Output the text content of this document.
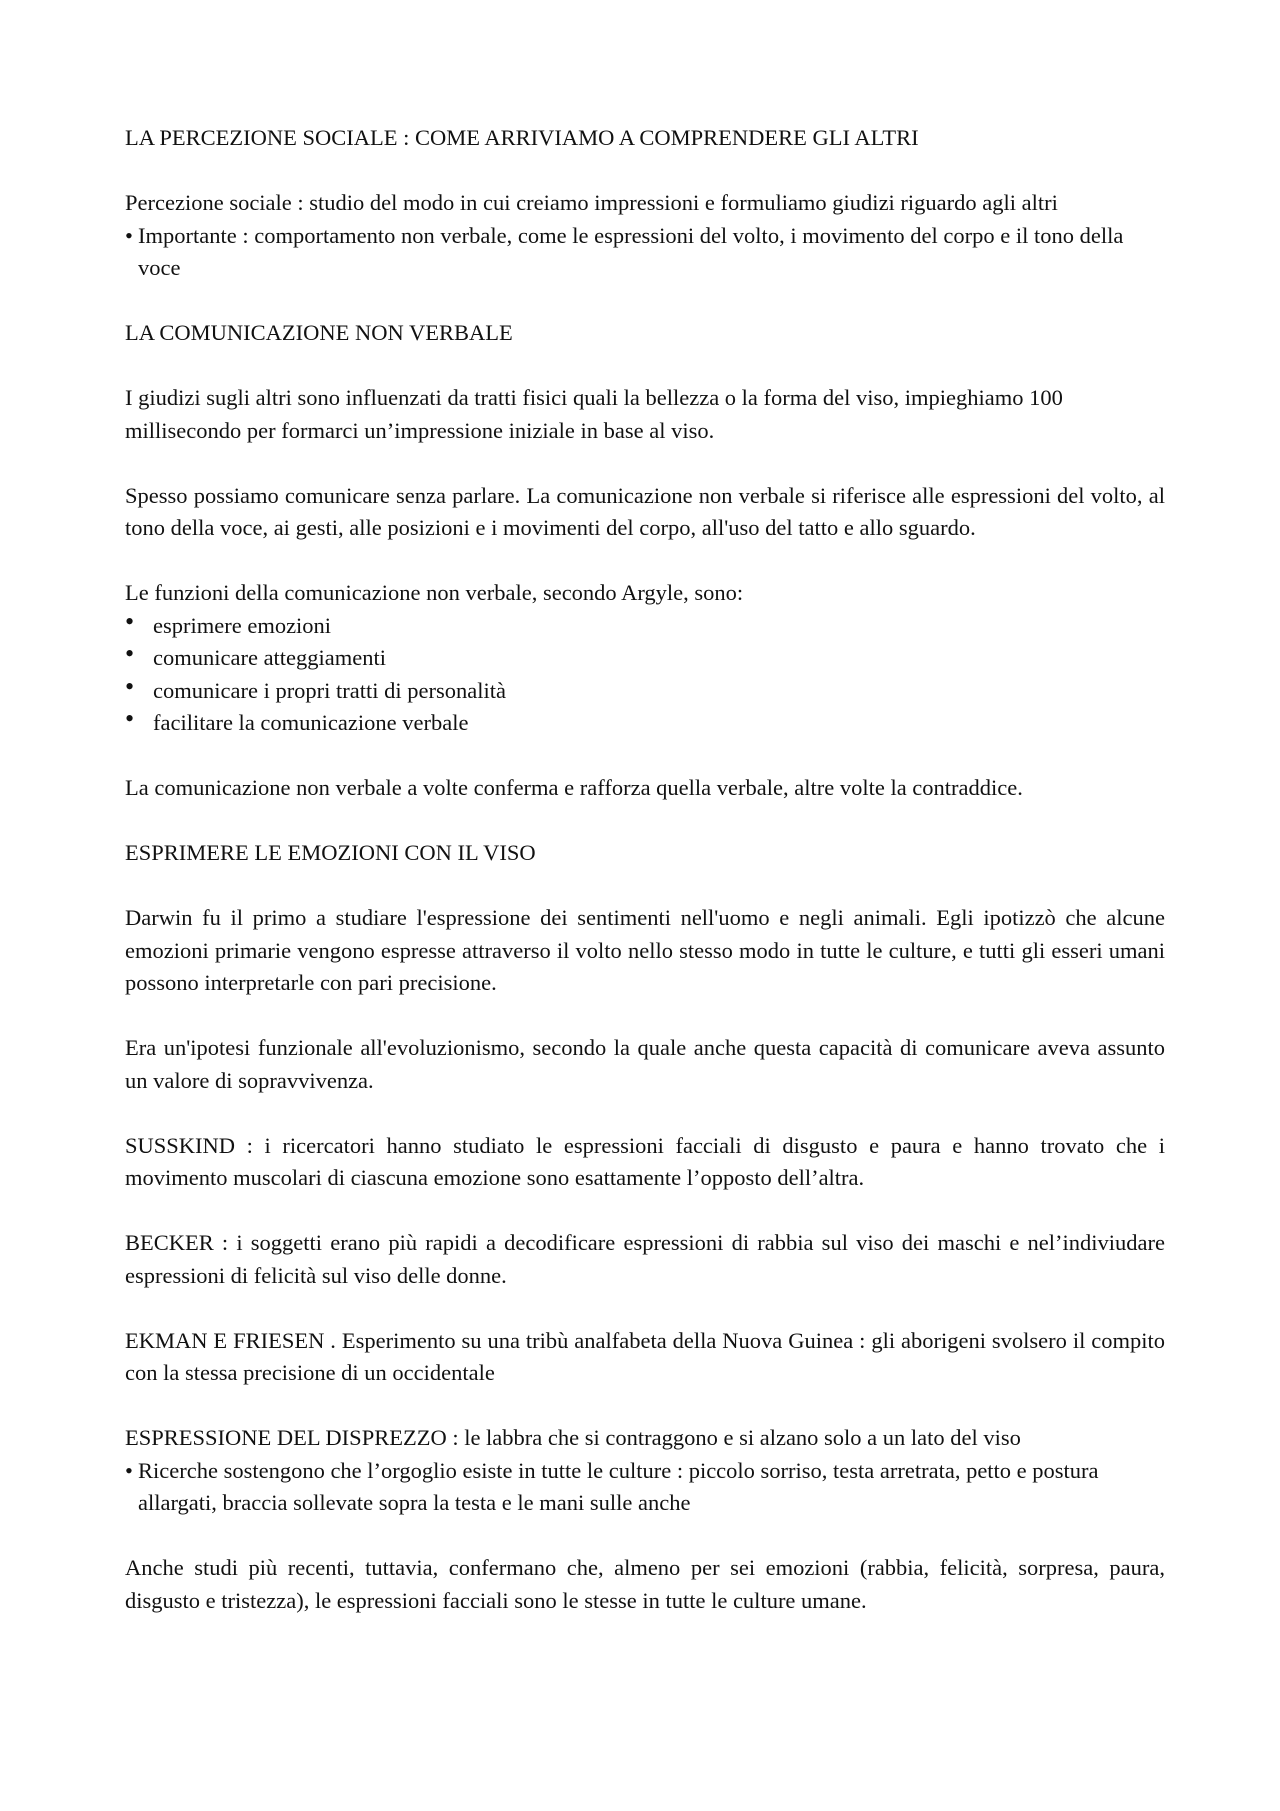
LA PERCEZIONE SOCIALE : COME ARRIVIAMO A COMPRENDERE GLI ALTRI

Percezione sociale : studio del modo in cui creiamo impressioni e formuliamo giudizi riguardo agli altri

• Importante : comportamento non verbale, come le espressioni del volto, i movimento del corpo e il tono della voce
LA COMUNICAZIONE NON VERBALE

I giudizi sugli altri sono influenzati da tratti fisici quali la bellezza o la forma del viso, impieghiamo 100 millisecondo per formarci un’impressione iniziale in base al viso.

Spesso possiamo comunicare senza parlare. La comunicazione non verbale si riferisce alle espressioni del volto, al tono della voce, ai gesti, alle posizioni e i movimenti del corpo, all'uso del tatto e allo sguardo.

Le funzioni della comunicazione non verbale, secondo Argyle, sono:

• esprimere emozioni
• comunicare atteggiamenti
• comunicare i propri tratti di personalità
• facilitare la comunicazione verbale

La comunicazione non verbale a volte conferma e rafforza quella verbale, altre volte la contraddice.

ESPRIMERE LE EMOZIONI CON IL VISO

Darwin fu il primo a studiare l'espressione dei sentimenti nell'uomo e negli animali. Egli ipotizzò che alcune emozioni primarie vengono espresse attraverso il volto nello stesso modo in tutte le culture, e tutti gli esseri umani possono interpretarle con pari precisione.

Era un'ipotesi funzionale all'evoluzionismo, secondo la quale anche questa capacità di comunicare aveva assunto un valore di sopravvivenza.

SUSSKIND : i ricercatori hanno studiato le espressioni facciali di disgusto e paura e hanno trovato che i movimento muscolari di ciascuna emozione sono esattamente l’opposto dell’altra.

BECKER : i soggetti erano più rapidi a decodificare espressioni di rabbia sul viso dei maschi e nel’indiviudare espressioni di felicità sul viso delle donne.

EKMAN E FRIESEN . Esperimento su una tribù analfabeta della Nuova Guinea : gli aborigeni svolsero il compito con la stessa precisione di un occidentale

ESPRESSIONE DEL DISPREZZO : le labbra che si contraggono e si alzano solo a un lato del viso

• Ricerche sostengono che l’orgoglio esiste in tutte le culture : piccolo sorriso, testa arretrata, petto e postura allargati, braccia sollevate sopra la testa e le mani sulle anche

Anche studi più recenti, tuttavia, confermano che, almeno per sei emozioni (rabbia, felicità, sorpresa, paura, disgusto e tristezza), le espressioni facciali sono le stesse in tutte le culture umane.
